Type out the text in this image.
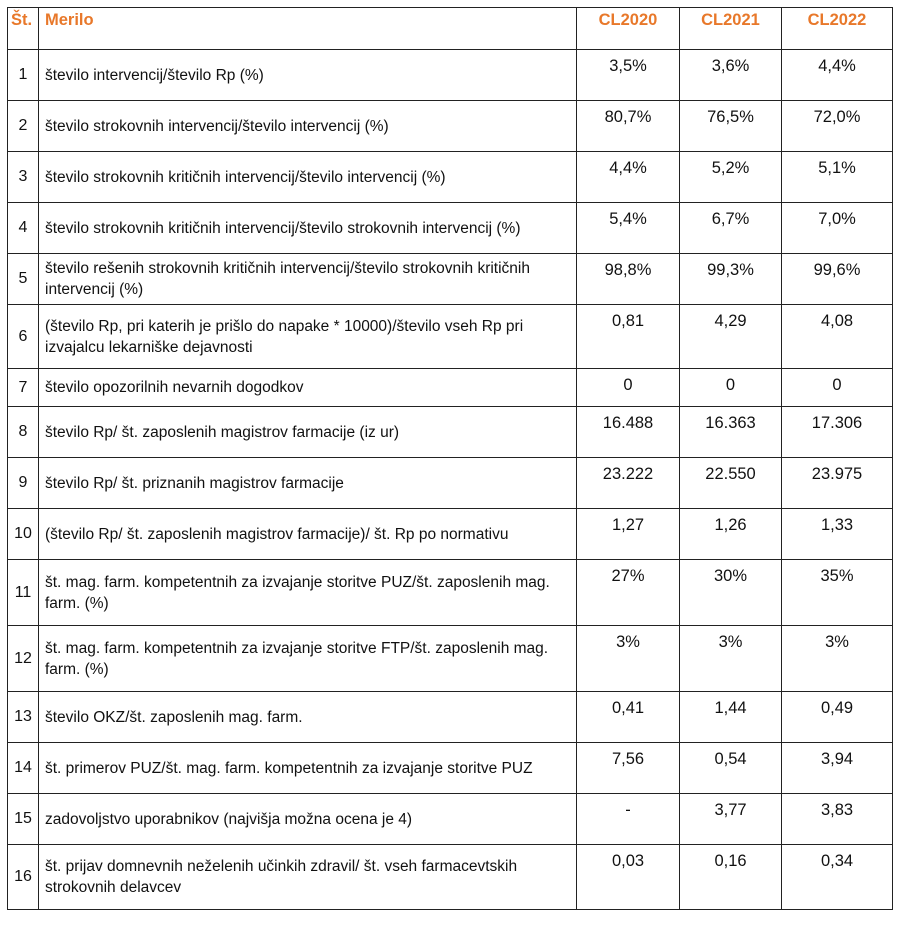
Št.	Merilo	CL2020	CL2021	CL2022
1	število intervencij/število Rp (%)	3,5%	3,6%	4,4%
2	število strokovnih intervencij/število intervencij (%)	80,7%	76,5%	72,0%
3	število strokovnih kritičnih intervencij/število intervencij (%)	4,4%	5,2%	5,1%
4	število strokovnih kritičnih intervencij/število strokovnih intervencij (%)	5,4%	6,7%	7,0%
5	število rešenih strokovnih kritičnih intervencij/število strokovnih kritičnih intervencij (%)	98,8%	99,3%	99,6%
6	(število Rp, pri katerih je prišlo do napake * 10000)/število vseh Rp pri izvajalcu lekarniške dejavnosti	0,81	4,29	4,08
7	število opozorilnih nevarnih dogodkov	0	0	0
8	število Rp/ št. zaposlenih magistrov farmacije (iz ur)	16.488	16.363	17.306
9	število Rp/ št. priznanih magistrov farmacije	23.222	22.550	23.975
10	(število Rp/ št. zaposlenih magistrov farmacije)/ št. Rp po normativu	1,27	1,26	1,33
11	št. mag. farm. kompetentnih za izvajanje storitve PUZ/št. zaposlenih mag. farm. (%)	27%	30%	35%
12	št. mag. farm. kompetentnih za izvajanje storitve FTP/št. zaposlenih mag. farm. (%)	3%	3%	3%
13	število OKZ/št. zaposlenih mag. farm.	0,41	1,44	0,49
14	št. primerov PUZ/št. mag. farm. kompetentnih za izvajanje storitve PUZ	7,56	0,54	3,94
15	zadovoljstvo uporabnikov (najvišja možna ocena je 4)	-	3,77	3,83
16	št. prijav domnevnih neželenih učinkih zdravil/ št. vseh farmacevtskih strokovnih delavcev	0,03	0,16	0,34
